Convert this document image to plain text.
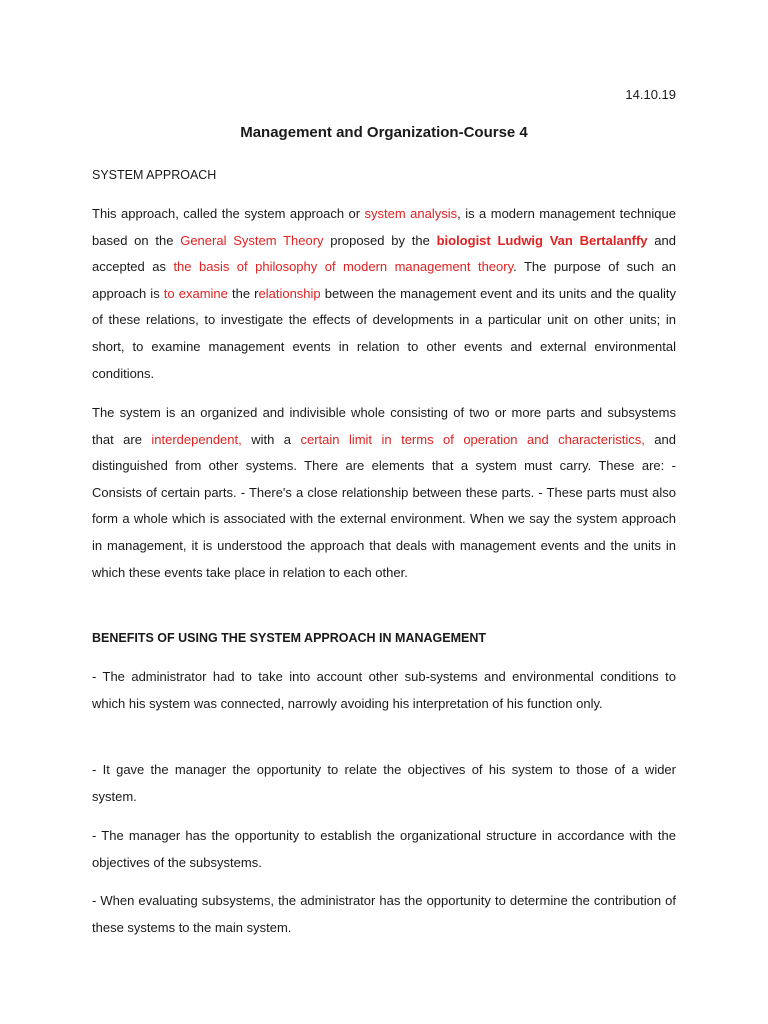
14.10.19
Management and Organization-Course 4
SYSTEM APPROACH

This approach, called the system approach or system analysis, is a modern management technique based on the General System Theory proposed by the biologist Ludwig Van Bertalanffy and accepted as the basis of philosophy of modern management theory. The purpose of such an approach is to examine the relationship between the management event and its units and the quality of these relations, to investigate the effects of developments in a particular unit on other units; in short, to examine management events in relation to other events and external environmental conditions.

The system is an organized and indivisible whole consisting of two or more parts and subsystems that are interdependent, with a certain limit in terms of operation and characteristics, and distinguished from other systems. There are elements that a system must carry. These are: - Consists of certain parts. - There's a close relationship between these parts. - These parts must also form a whole which is associated with the external environment. When we say the system approach in management, it is understood the approach that deals with management events and the units in which these events take place in relation to each other.

BENEFITS OF USING THE SYSTEM APPROACH IN MANAGEMENT

- The administrator had to take into account other sub-systems and environmental conditions to which his system was connected, narrowly avoiding his interpretation of his function only.

- It gave the manager the opportunity to relate the objectives of his system to those of a wider system.

- The manager has the opportunity to establish the organizational structure in accordance with the objectives of the subsystems.

- When evaluating subsystems, the administrator has the opportunity to determine the contribution of these systems to the main system.
